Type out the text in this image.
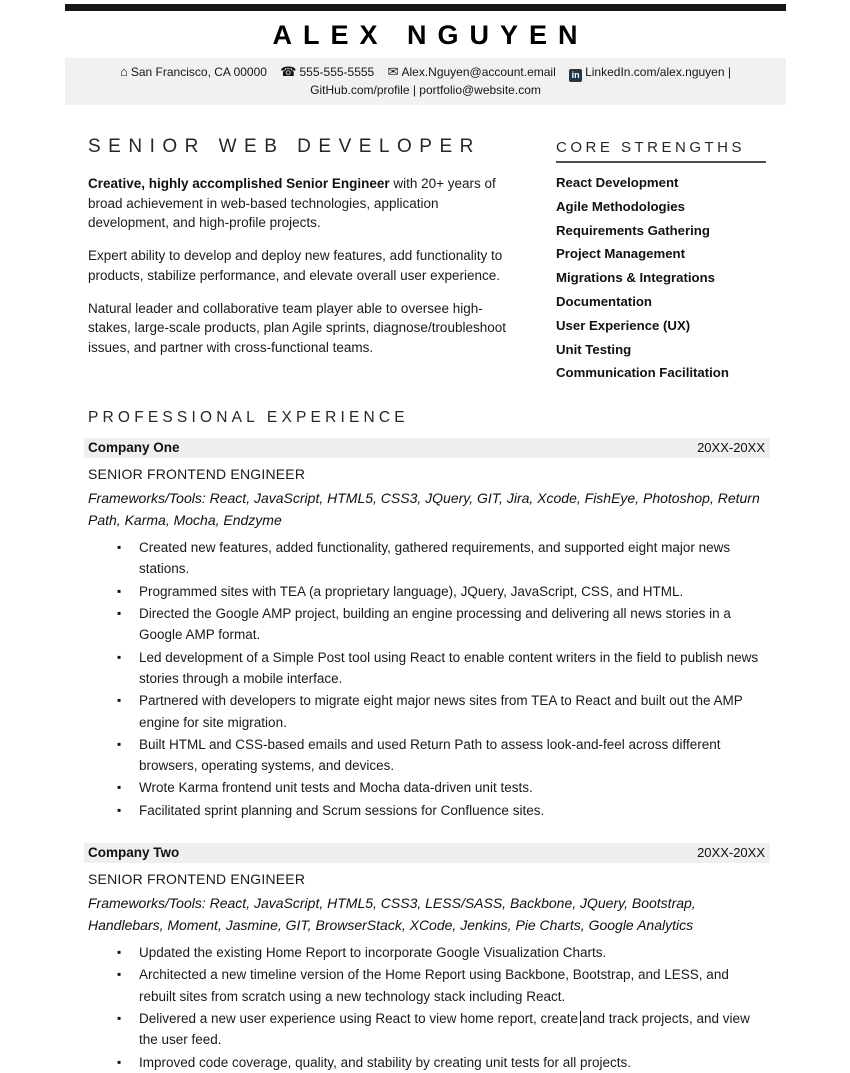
ALEX NGUYEN
⌂ San Francisco, CA 00000 ☎ 555-555-5555 ✉ Alex.Nguyen@account.email in LinkedIn.com/alex.nguyen |
GitHub.com/profile | portfolio@website.com
SENIOR WEB DEVELOPER

Creative, highly accomplished Senior Engineer with 20+ years of broad achievement in web-based technologies, application development, and high-profile projects.

Expert ability to develop and deploy new features, add functionality to products, stabilize performance, and elevate overall user experience.

Natural leader and collaborative team player able to oversee high-stakes, large-scale products, plan Agile sprints, diagnose/troubleshoot issues, and partner with cross-functional teams.

CORE STRENGTHS
React Development
Agile Methodologies
Requirements Gathering
Project Management
Migrations & Integrations
Documentation
User Experience (UX)
Unit Testing
Communication Facilitation
PROFESSIONAL EXPERIENCE
Company One	20XX-20XX
SENIOR FRONTEND ENGINEER
Frameworks/Tools: React, JavaScript, HTML5, CSS3, JQuery, GIT, Jira, Xcode, FishEye, Photoshop, Return Path, Karma, Mocha, Endzyme
▪ Created new features, added functionality, gathered requirements, and supported eight major news stations.
▪ Programmed sites with TEA (a proprietary language), JQuery, JavaScript, CSS, and HTML.
▪ Directed the Google AMP project, building an engine processing and delivering all news stories in a Google AMP format.
▪ Led development of a Simple Post tool using React to enable content writers in the field to publish news stories through a mobile interface.
▪ Partnered with developers to migrate eight major news sites from TEA to React and built out the AMP engine for site migration.
▪ Built HTML and CSS-based emails and used Return Path to assess look-and-feel across different browsers, operating systems, and devices.
▪ Wrote Karma frontend unit tests and Mocha data-driven unit tests.
▪ Facilitated sprint planning and Scrum sessions for Confluence sites.
Company Two	20XX-20XX
SENIOR FRONTEND ENGINEER
Frameworks/Tools: React, JavaScript, HTML5, CSS3, LESS/SASS, Backbone, JQuery, Bootstrap, Handlebars, Moment, Jasmine, GIT, BrowserStack, XCode, Jenkins, Pie Charts, Google Analytics
▪ Updated the existing Home Report to incorporate Google Visualization Charts.
▪ Architected a new timeline version of the Home Report using Backbone, Bootstrap, and LESS, and rebuilt sites from scratch using a new technology stack including React.
▪ Delivered a new user experience using React to view home report, create and track projects, and view the user feed.
▪ Improved code coverage, quality, and stability by creating unit tests for all projects.
